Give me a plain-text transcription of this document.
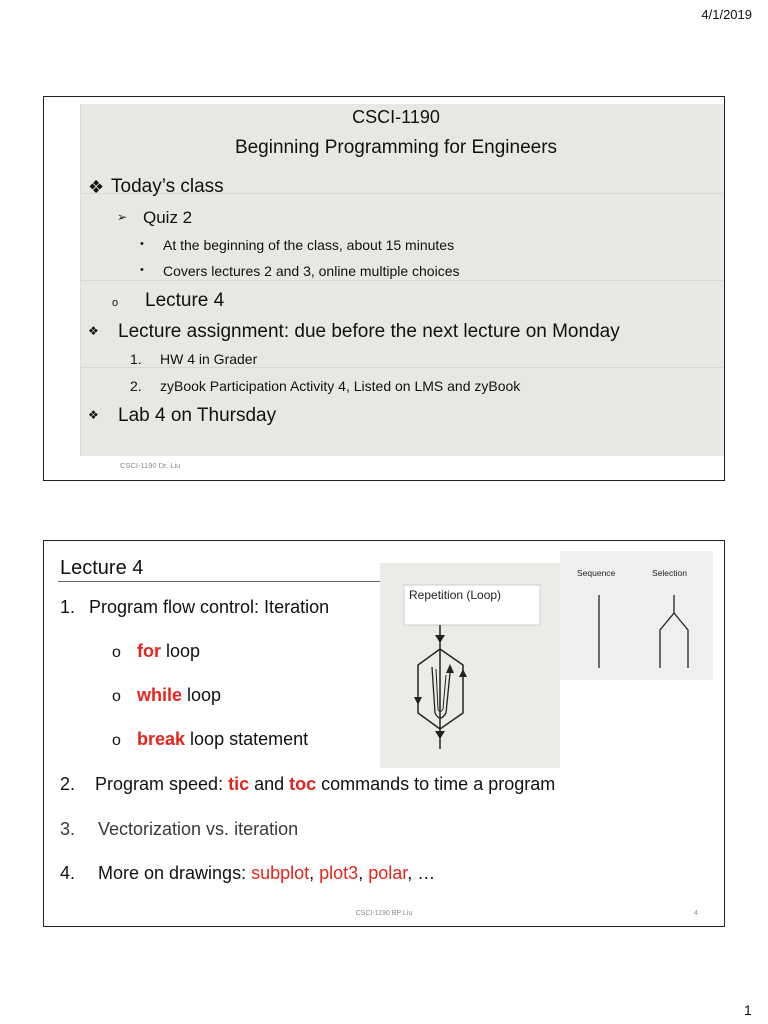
4/1/2019
1
CSCI-1190
Beginning Programming for Engineers
❖ Today’s class
➢ Quiz 2
• At the beginning of the class, about 15 minutes
• Covers lectures 2 and 3, online multiple choices
o Lecture 4
❖ Lecture assignment: due before the next lecture on Monday
1. HW 4 in Grader
2. zyBook Participation Activity 4, Listed on LMS and zyBook
❖ Lab 4 on Thursday
CSCI-1190 Dr. Liu
Lecture 4
Repetition (Loop)
Sequence	Selection
1. Program flow control: Iteration
o for loop
o while loop
o break loop statement
2. Program speed: tic and toc commands to time a program
3. Vectorization vs. iteration
4. More on drawings: subplot, plot3, polar, …
CSCI-1190 BP Liu	4
